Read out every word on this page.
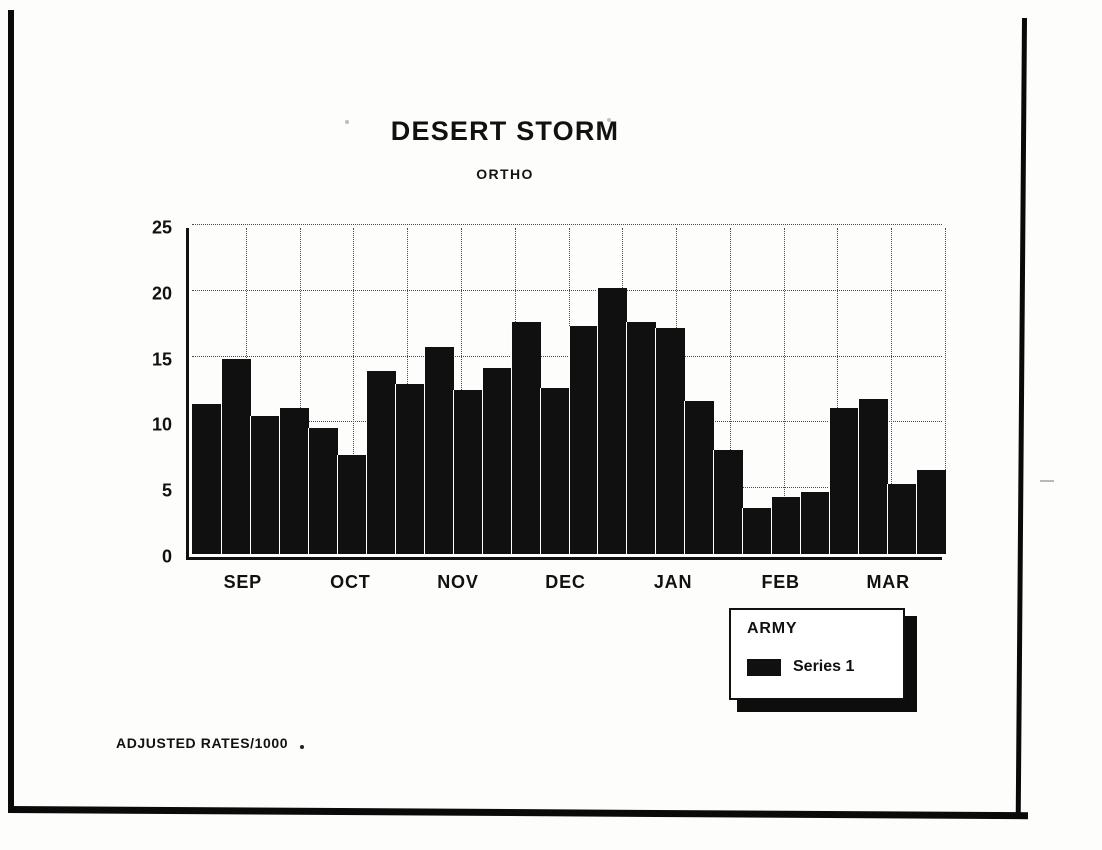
DESERT STORM
ORTHO
0
5
10
15
20
25
SEP	OCT	NOV	DEC	JAN	FEB	MAR
ARMY
Series 1
ADJUSTED RATES/1000
